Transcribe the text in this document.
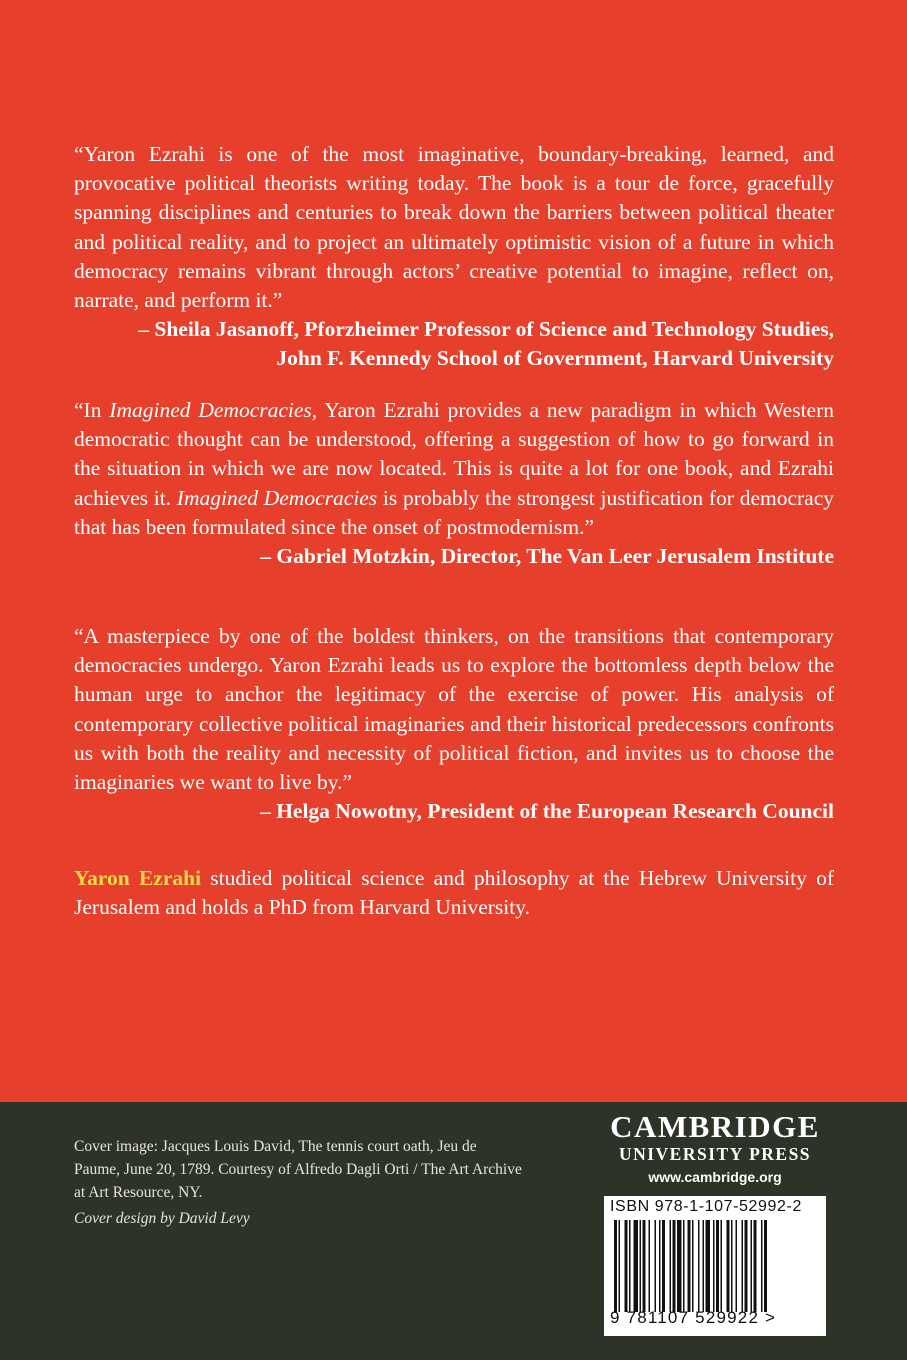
“Yaron Ezrahi is one of the most imaginative, boundary-breaking, learned, and provocative political theorists writing today. The book is a tour de force, gracefully spanning disciplines and centuries to break down the barriers between political theater and political reality, and to project an ultimately optimistic vision of a future in which democracy remains vibrant through actors’ creative potential to imagine, reflect on, narrate, and perform it.”
– Sheila Jasanoff, Pforzheimer Professor of Science and Technology Studies,
John F. Kennedy School of Government, Harvard University
“In Imagined Democracies, Yaron Ezrahi provides a new paradigm in which Western democratic thought can be understood, offering a suggestion of how to go forward in the situation in which we are now located. This is quite a lot for one book, and Ezrahi achieves it. Imagined Democracies is probably the strongest justification for democracy that has been formulated since the onset of postmodernism.”
– Gabriel Motzkin, Director, The Van Leer Jerusalem Institute
“A masterpiece by one of the boldest thinkers, on the transitions that contemporary democracies undergo. Yaron Ezrahi leads us to explore the bottomless depth below the human urge to anchor the legitimacy of the exercise of power. His analysis of contemporary collective political imaginaries and their historical predecessors confronts us with both the reality and necessity of political fiction, and invites us to choose the imaginaries we want to live by.”
– Helga Nowotny, President of the European Research Council
Yaron Ezrahi studied political science and philosophy at the Hebrew University of Jerusalem and holds a PhD from Harvard University.
Cover image: Jacques Louis David, The tennis court oath, Jeu de Paume, June 20, 1789. Courtesy of Alfredo Dagli Orti / The Art Archive at Art Resource, NY.
Cover design by David Levy
CAMBRIDGE
UNIVERSITY PRESS
www.cambridge.org
ISBN 978-1-107-52992-2
9 781107 529922 >
